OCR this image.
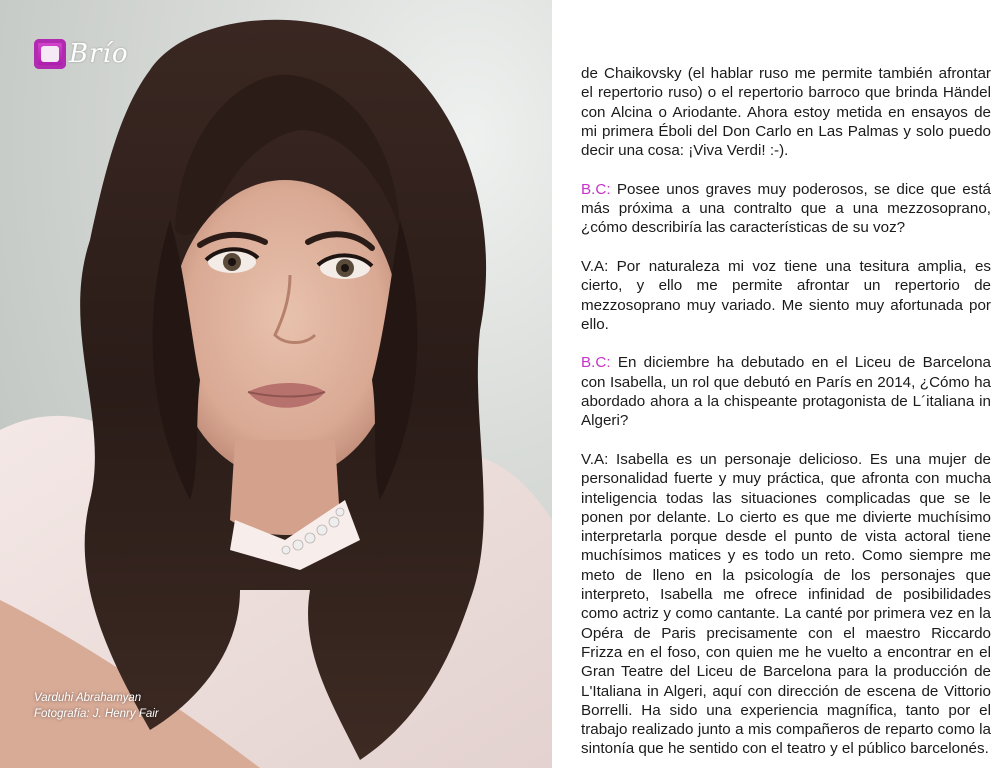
Brío
Varduhi Abrahamyan
Fotografía: J. Henry Fair

de Chaikovsky (el hablar ruso me permite también afrontar el repertorio ruso) o el repertorio barroco que brinda Händel con Alcina o Ariodante. Ahora estoy metida en ensayos de mi primera Éboli del Don Carlo en Las Palmas y solo puedo decir una cosa: ¡Viva Verdi! :-).

B.C: Posee unos graves muy poderosos, se dice que está más próxima a una contralto que a una mezzosoprano, ¿cómo describiría las características de su voz?

V.A: Por naturaleza mi voz tiene una tesitura amplia, es cierto, y ello me permite afrontar un repertorio de mezzosoprano muy variado. Me siento muy afortunada por ello.

B.C: En diciembre ha debutado en el Liceu de Barcelona con Isabella, un rol que debutó en París en 2014, ¿Cómo ha abordado ahora a la chispeante protagonista de L´italiana in Algeri?

V.A: Isabella es un personaje delicioso. Es una mujer de personalidad fuerte y muy práctica, que afronta con mucha inteligencia todas las situaciones complicadas que se le ponen por delante. Lo cierto es que me divierte muchísimo interpretarla porque desde el punto de vista actoral tiene muchísimos matices y es todo un reto. Como siempre me meto de lleno en la psicología de los personajes que interpreto, Isabella me ofrece infinidad de posibilidades como actriz y como cantante. La canté por primera vez en la Opéra de Paris precisamente con el maestro Riccardo Frizza en el foso, con quien me he vuelto a encontrar en el Gran Teatre del Liceu de Barcelona para la producción de L'Italiana in Algeri, aquí con dirección de escena de Vittorio Borrelli. Ha sido una experiencia magnífica, tanto por el trabajo realizado junto a mis compañeros de reparto como la sintonía que he sentido con el teatro y el público barcelonés.
